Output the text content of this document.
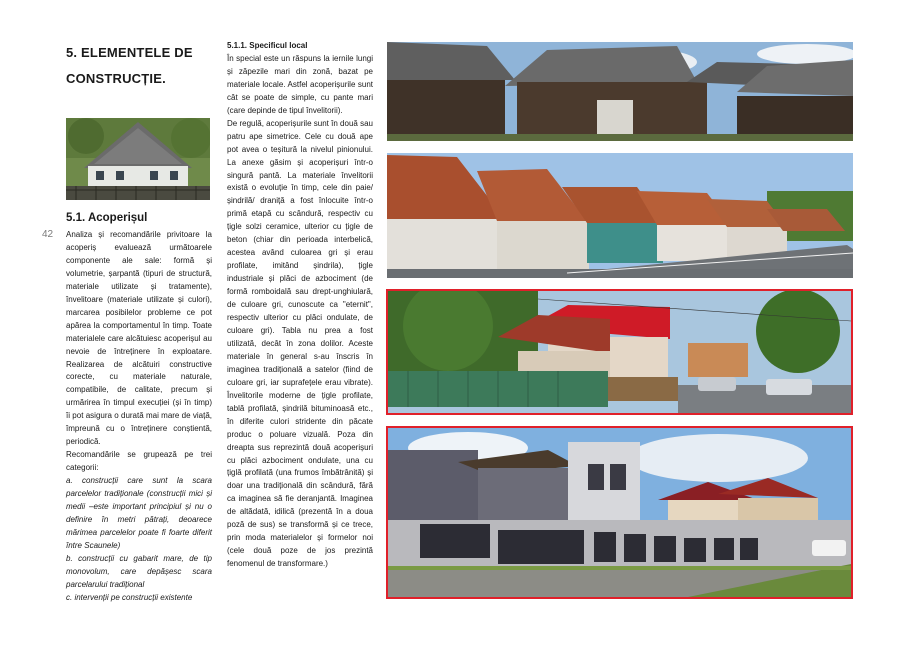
5. ELEMENTELE DE CONSTRUCȚIE.
5.1. Acoperișul
42 Analiza și recomandările privitoare la acoperiș evaluează următoarele componente ale sale: formă și volumetrie, șarpantă (tipuri de structură, materiale utilizate și tratamente), învelitoare (materiale utilizate și culori), marcarea posibilelor probleme ce pot apărea la comportamentul în timp. Toate materialele care alcătuiesc acoperișul au nevoie de întreținere în exploatare. Realizarea de alcătuiri constructive corecte, cu materiale naturale, compatibile, de calitate, precum și urmărirea în timpul execuției (și în timp) îi pot asigura o durată mai mare de viață, împreună cu o întreținere conștientă, periodică.

Recomandările se grupează pe trei categorii:

a. construcții care sunt la scara parcelelor tradiționale (construcții mici și medii –este important principiul și nu o definire în metri pătrați, deoarece mărimea parcelelor poate fi foarte diferit între Scaunele)

b. construcții cu gabarit mare, de tip monovolum, care depășesc scara parcelarului tradițional

c. intervenții pe construcții existente

5.1.1. Specificul local

În special este un răspuns la iernile lungi și zăpezile mari din zonă, bazat pe materiale locale. Astfel acoperișurile sunt cât se poate de simple, cu pante mari (care depinde de tipul învelitorii).

De regulă, acoperișurile sunt în două sau patru ape simetrice. Cele cu două ape pot avea o teșitură la nivelul pinionului. La anexe găsim și acoperișuri într-o singură pantă. La materiale învelitorii există o evoluție în timp, cele din paie/șindrilă/ draniță a fost înlocuite într-o primă etapă cu scândură, respectiv cu țigle solzi ceramice, ulterior cu țigle de beton (chiar din perioada interbelică, acestea având culoarea gri și erau profilate, imitând șindrila), țigle industriale și plăci de azbociment (de formă romboidală sau drept-unghiulară, de culoare gri, cunoscute ca "eternit", respectiv ulterior cu plăci ondulate, de culoare gri). Tabla nu prea a fost utilizată, decât în zona dolilor. Aceste materiale în general s-au înscris în imaginea tradițională a satelor (fiind de culoare gri, iar suprafețele erau vibrate). Învelitorile moderne de țigle profilate, tablă profilată, șindrilă bituminoasă etc., în diferite culori stridente din păcate produc o poluare vizuală. Poza din dreapta sus reprezintă două acoperișuri cu plăci azbociment ondulate, una cu țiglă profilată (una frumos îmbătrânită) și doar una tradițională din scândură, fără ca imaginea să fie deranjantă. Imaginea de altădată, idilică (prezentă în a doua poză de sus) se transformă și ce trece, prin moda materialelor și formelor noi (cele două poze de jos prezintă fenomenul de transformare.)
